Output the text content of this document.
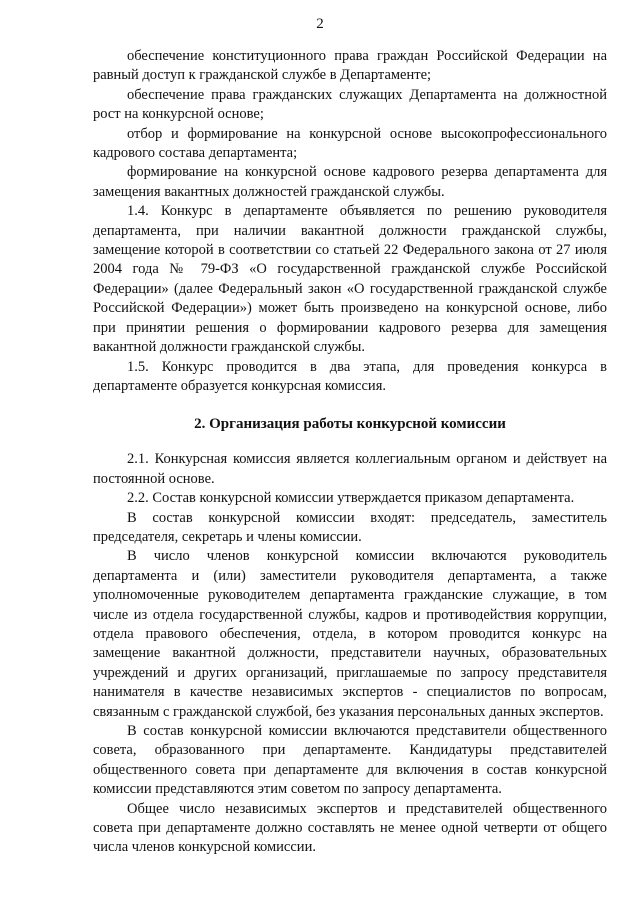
2

обеспечение конституционного права граждан Российской Федерации на равный доступ к гражданской службе в Департаменте;

обеспечение права гражданских служащих Департамента на должностной рост на конкурсной основе;

отбор и формирование на конкурсной основе высокопрофессионального кадрового состава департамента;

формирование на конкурсной основе кадрового резерва департамента для замещения вакантных должностей гражданской службы.

1.4. Конкурс в департаменте объявляется по решению руководителя департамента, при наличии вакантной должности гражданской службы, замещение которой в соответствии со статьей 22 Федерального закона от 27 июля 2004 года № 79-ФЗ «О государственной гражданской службе Российской Федерации» (далее Федеральный закон «О государственной гражданской службе Российской Федерации») может быть произведено на конкурсной основе, либо при принятии решения о формировании кадрового резерва для замещения вакантной должности гражданской службы.

1.5. Конкурс проводится в два этапа, для проведения конкурса в департаменте образуется конкурсная комиссия.

2. Организация работы конкурсной комиссии

2.1. Конкурсная комиссия является коллегиальным органом и действует на постоянной основе.

2.2. Состав конкурсной комиссии утверждается приказом департамента.

В состав конкурсной комиссии входят: председатель, заместитель председателя, секретарь и члены комиссии.

В число членов конкурсной комиссии включаются руководитель департамента и (или) заместители руководителя департамента, а также уполномоченные руководителем департамента гражданские служащие, в том числе из отдела государственной службы, кадров и противодействия коррупции, отдела правового обеспечения, отдела, в котором проводится конкурс на замещение вакантной должности, представители научных, образовательных учреждений и других организаций, приглашаемые по запросу представителя нанимателя в качестве независимых экспертов - специалистов по вопросам, связанным с гражданской службой, без указания персональных данных экспертов.

В состав конкурсной комиссии включаются представители общественного совета, образованного при департаменте. Кандидатуры представителей общественного совета при департаменте для включения в состав конкурсной комиссии представляются этим советом по запросу департамента.

Общее число независимых экспертов и представителей общественного совета при департаменте должно составлять не менее одной четверти от общего числа членов конкурсной комиссии.
